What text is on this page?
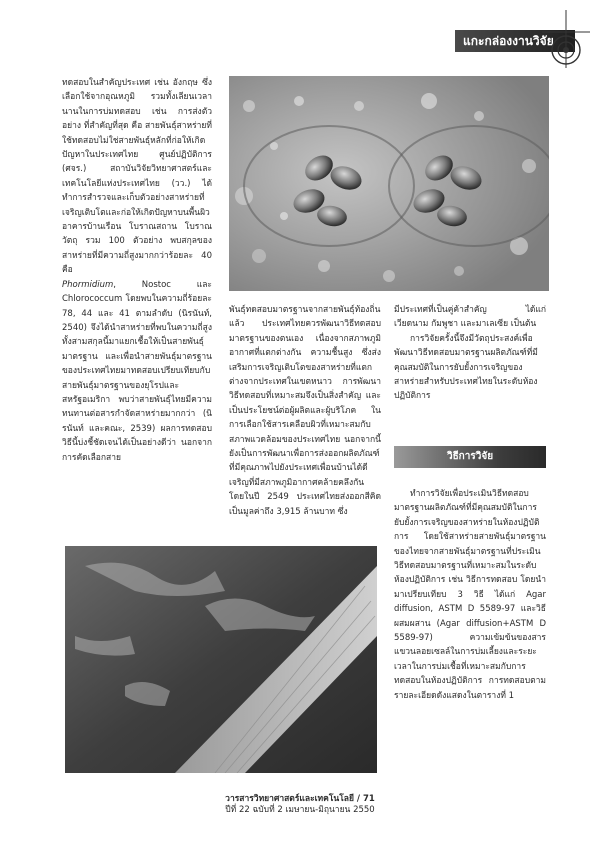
แกะกล่องงานวิจัย

ทดสอบในสำคัญประเทศ เช่น อังกฤษ ซึ่งเลือกใช้จากอุณหภูมิ รวมทั้งเลียนเวลานานในการบ่มทดสอบ เช่น การส่งตัวอย่าง ที่สำคัญที่สุด คือ สายพันธุ์สาหร่ายที่ใช้ทดสอบไม่ใช่สายพันธุ์หลักที่ก่อให้เกิดปัญหาในประเทศไทย ศูนย์ปฏิบัติการ (ศจร.) สถาบันวิจัยวิทยาศาสตร์และเทคโนโลยีแห่งประเทศไทย (วว.) ได้ทำการสำรวจและเก็บตัวอย่างสาหร่ายที่เจริญเติบโตและก่อให้เกิดปัญหาบนพื้นผิวอาคารบ้านเรือน โบราณสถาน โบราณวัตถุ รวม 100 ตัวอย่าง พบสกุลของสาหร่ายที่มีความถี่สูงมากกว่าร้อยละ 40 คือ

Phormidium, Nostoc และ Chlorococcum โดยพบในความถี่ร้อยละ 78, 44 และ 41 ตามลำดับ (นิรนันท์, 2540) จึงได้นำสาหร่ายที่พบในความถี่สูงทั้งสามสกุลนี้มาแยกเชื้อให้เป็นสายพันธุ์มาตรฐาน และเพื่อนำสายพันธุ์มาตรฐานของประเทศไทยมาทดสอบเปรียบเทียบกับสายพันธุ์มาตรฐานของยุโรปและสหรัฐอเมริกา พบว่าสายพันธุ์ไทยมีความทนทานต่อสารกำจัดสาหร่ายมากกว่า (นิรนันท์ และคณะ, 2539) ผลการทดสอบวิธีนี้บ่งชี้ชัดเจนได้เป็นอย่างดีว่า นอกจากการคัดเลือกสาย

พันธุ์ทดสอบมาตรฐานจากสายพันธุ์ท้องถิ่นแล้ว ประเทศไทยควรพัฒนาวิธีทดสอบมาตรฐานของตนเอง เนื่องจากสภาพภูมิอากาศที่แตกต่างกัน ความชื้นสูง ซึ่งส่งเสริมการเจริญเติบโตของสาหร่ายที่แตกต่างจากประเทศในเขตหนาว การพัฒนาวิธีทดสอบที่เหมาะสมจึงเป็นสิ่งสำคัญ และเป็นประโยชน์ต่อผู้ผลิตและผู้บริโภค ในการเลือกใช้สารเคลือบผิวที่เหมาะสมกับสภาพแวดล้อมของประเทศไทย นอกจากนี้ยังเป็นการพัฒนาเพื่อการส่งออกผลิตภัณฑ์ที่มีคุณภาพไปยังประเทศเพื่อนบ้านได้ดีเจริญที่มีสภาพภูมิอากาศคล้ายคลึงกัน โดยในปี 2549 ประเทศไทยส่งออกสีคิดเป็นมูลค่าถึง 3,915 ล้านบาท ซึ่ง

มีประเทศที่เป็นคู่ค้าสำคัญ ได้แก่ เวียดนาม กัมพูชา และมาเลเซีย เป็นต้น

การวิจัยครั้งนี้จึงมีวัตถุประสงค์เพื่อพัฒนาวิธีทดสอบมาตรฐานผลิตภัณฑ์ที่มีคุณสมบัติในการยับยั้งการเจริญของสาหร่ายสำหรับประเทศไทยในระดับห้องปฏิบัติการ

วิธีการวิจัย

ทำการวิจัยเพื่อประเมินวิธีทดสอบมาตรฐานผลิตภัณฑ์ที่มีคุณสมบัติในการยับยั้งการเจริญของสาหร่ายในห้องปฏิบัติการ โดยใช้สาหร่ายสายพันธุ์มาตรฐานของไทยจากสายพันธุ์มาตรฐานที่ประเมินวิธีทดสอบมาตรฐานที่เหมาะสมในระดับห้องปฏิบัติการ เช่น วิธีการทดสอบ โดยนำมาเปรียบเทียบ 3 วิธี ได้แก่ Agar diffusion, ASTM D 5589-97 และวิธีผสมผสาน (Agar diffusion+ASTM D 5589-97) ความเข้มข้นของสารแขวนลอยเซลล์ในการบ่มเลี้ยงและระยะเวลาในการบ่มเชื้อที่เหมาะสมกับการทดสอบในห้องปฏิบัติการ การทดสอบตามรายละเอียดดังแสดงในตารางที่ 1

วารสารวิทยาศาสตร์และเทคโนโลยี / 71
ปีที่ 22 ฉบับที่ 2 เมษายน-มิถุนายน 2550
